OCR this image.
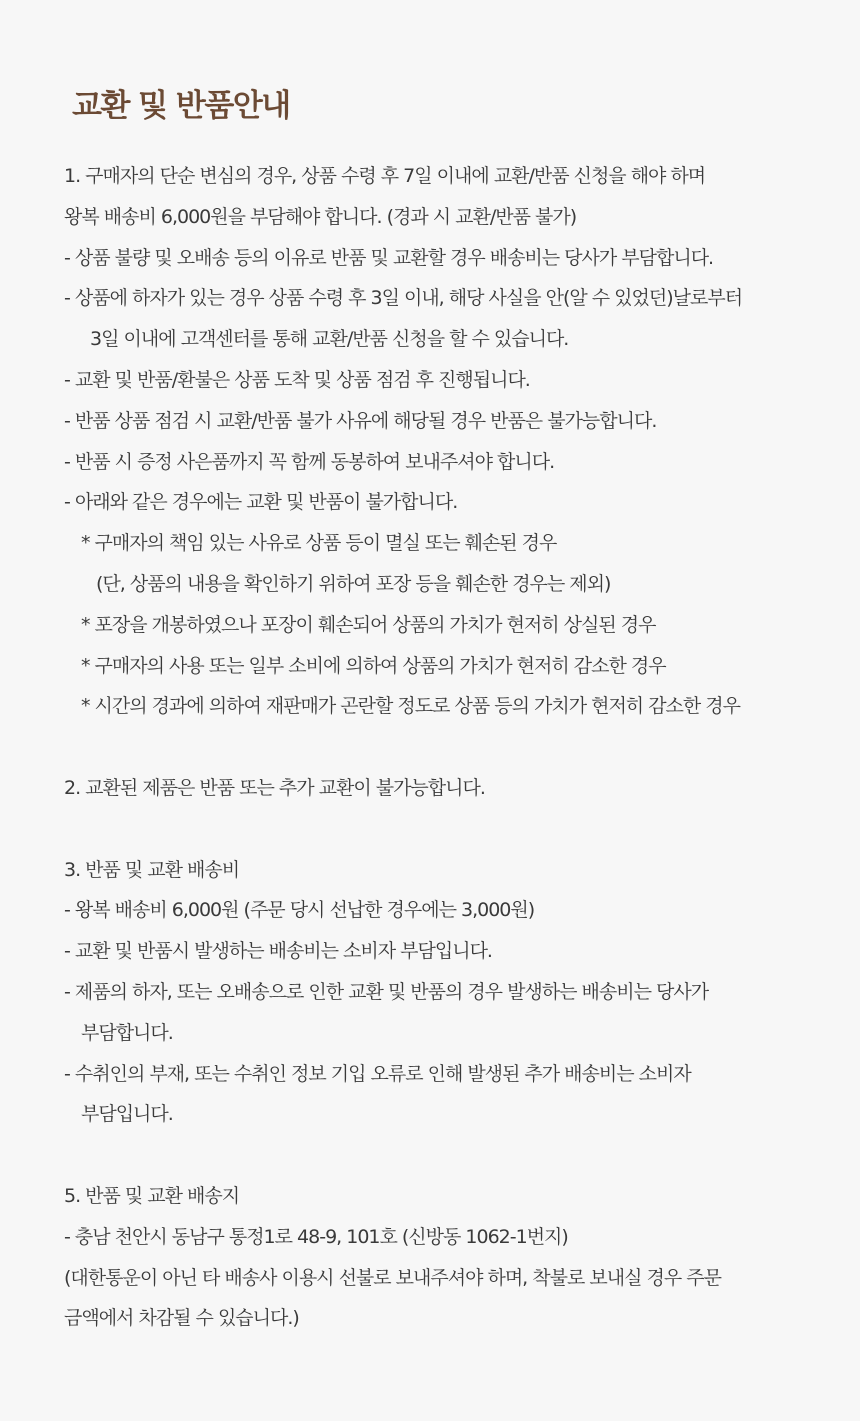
교환 및 반품안내
1. 구매자의 단순 변심의 경우, 상품 수령 후 7일 이내에 교환/반품 신청을 해야 하며
왕복 배송비 6,000원을 부담해야 합니다. (경과 시 교환/반품 불가)
- 상품 불량 및 오배송 등의 이유로 반품 및 교환할 경우 배송비는 당사가 부담합니다.
- 상품에 하자가 있는 경우 상품 수령 후 3일 이내, 해당 사실을 안(알 수 있었던)날로부터
3일 이내에 고객센터를 통해 교환/반품 신청을 할 수 있습니다.
- 교환 및 반품/환불은 상품 도착 및 상품 점검 후 진행됩니다.
- 반품 상품 점검 시 교환/반품 불가 사유에 해당될 경우 반품은 불가능합니다.
- 반품 시 증정 사은품까지 꼭 함께 동봉하여 보내주셔야 합니다.
- 아래와 같은 경우에는 교환 및 반품이 불가합니다.
* 구매자의 책임 있는 사유로 상품 등이 멸실 또는 훼손된 경우
(단, 상품의 내용을 확인하기 위하여 포장 등을 훼손한 경우는 제외)
* 포장을 개봉하였으나 포장이 훼손되어 상품의 가치가 현저히 상실된 경우
* 구매자의 사용 또는 일부 소비에 의하여 상품의 가치가 현저히 감소한 경우
* 시간의 경과에 의하여 재판매가 곤란할 정도로 상품 등의 가치가 현저히 감소한 경우
2. 교환된 제품은 반품 또는 추가 교환이 불가능합니다.
3. 반품 및 교환 배송비
- 왕복 배송비 6,000원 (주문 당시 선납한 경우에는 3,000원)
- 교환 및 반품시 발생하는 배송비는 소비자 부담입니다.
- 제품의 하자, 또는 오배송으로 인한 교환 및 반품의 경우 발생하는 배송비는 당사가
부담합니다.
- 수취인의 부재, 또는 수취인 정보 기입 오류로 인해 발생된 추가 배송비는 소비자
부담입니다.
5. 반품 및 교환 배송지
- 충남 천안시 동남구 통정1로 48-9, 101호 (신방동 1062-1번지)
(대한통운이 아닌 타 배송사 이용시 선불로 보내주셔야 하며, 착불로 보내실 경우 주문
금액에서 차감될 수 있습니다.)
